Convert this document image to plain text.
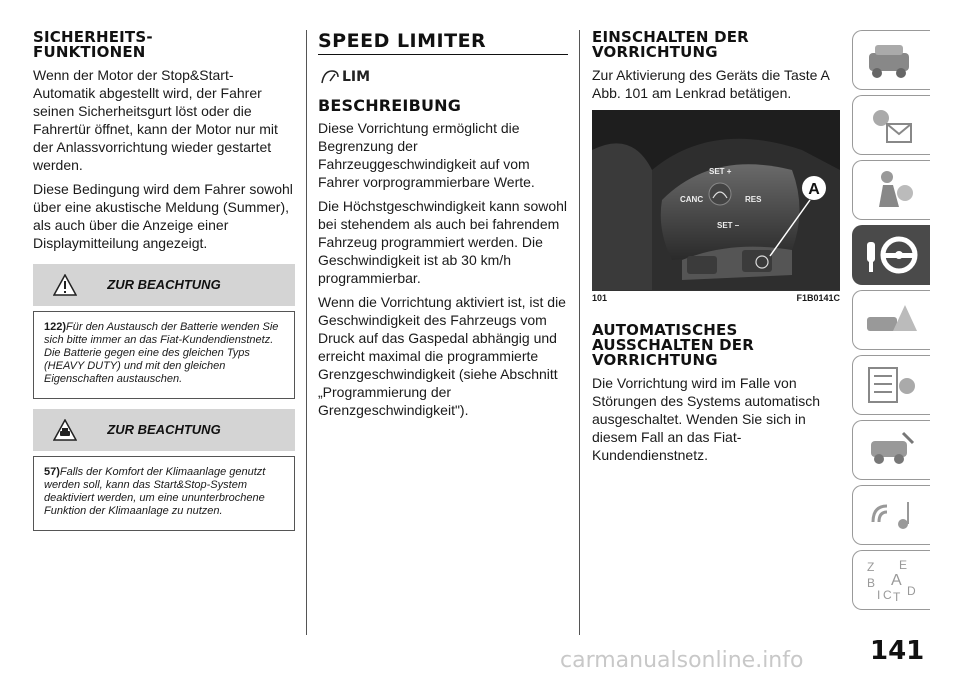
SICHERHEITS-
FUNKTIONEN

Wenn der Motor der Stop&Start-Automatik abgestellt wird, der Fahrer seinen Sicherheitsgurt löst oder die Fahrertür öffnet, kann der Motor nur mit der Anlassvorrichtung wieder gestartet werden.

Diese Bedingung wird dem Fahrer sowohl über eine akustische Meldung (Summer), als auch über die Anzeige einer Displaymitteilung angezeigt.

ZUR BEACHTUNG
122)Für den Austausch der Batterie wenden Sie sich bitte immer an das Fiat-Kundendienstnetz. Die Batterie gegen eine des gleichen Typs (HEAVY DUTY) und mit den gleichen Eigenschaften austauschen.
ZUR BEACHTUNG
57)Falls der Komfort der Klimaanlage genutzt werden soll, kann das Start&Stop-System deaktiviert werden, um eine ununterbrochene Funktion der Klimaanlage zu nutzen.
SPEED LIMITER
LIM
BESCHREIBUNG

Diese Vorrichtung ermöglicht die Begrenzung der Fahrzeuggeschwindigkeit auf vom Fahrer vorprogrammierbare Werte.

Die Höchstgeschwindigkeit kann sowohl bei stehendem als auch bei fahrendem Fahrzeug programmiert werden. Die Geschwindigkeit ist ab 30 km/h programmierbar.

Wenn die Vorrichtung aktiviert ist, ist die Geschwindigkeit des Fahrzeugs vom Druck auf das Gaspedal abhängig und erreicht maximal die programmierte Grenzgeschwindigkeit (siehe Abschnitt „Programmierung der Grenzgeschwindigkeit").

EINSCHALTEN DER
VORRICHTUNG

Zur Aktivierung des Geräts die Taste A Abb. 101 am Lenkrad betätigen.

A
SET +
CANC	RES
SET –
101	F1B0141C
AUTOMATISCHES
AUSSCHALTEN DER
VORRICHTUNG

Die Vorrichtung wird im Falle von Störungen des Systems automatisch ausgeschaltet. Wenden Sie sich in diesem Fall an das Fiat-Kundendienstnetz.

Z E
B A
I C T D
carmanualsonline.info	141
